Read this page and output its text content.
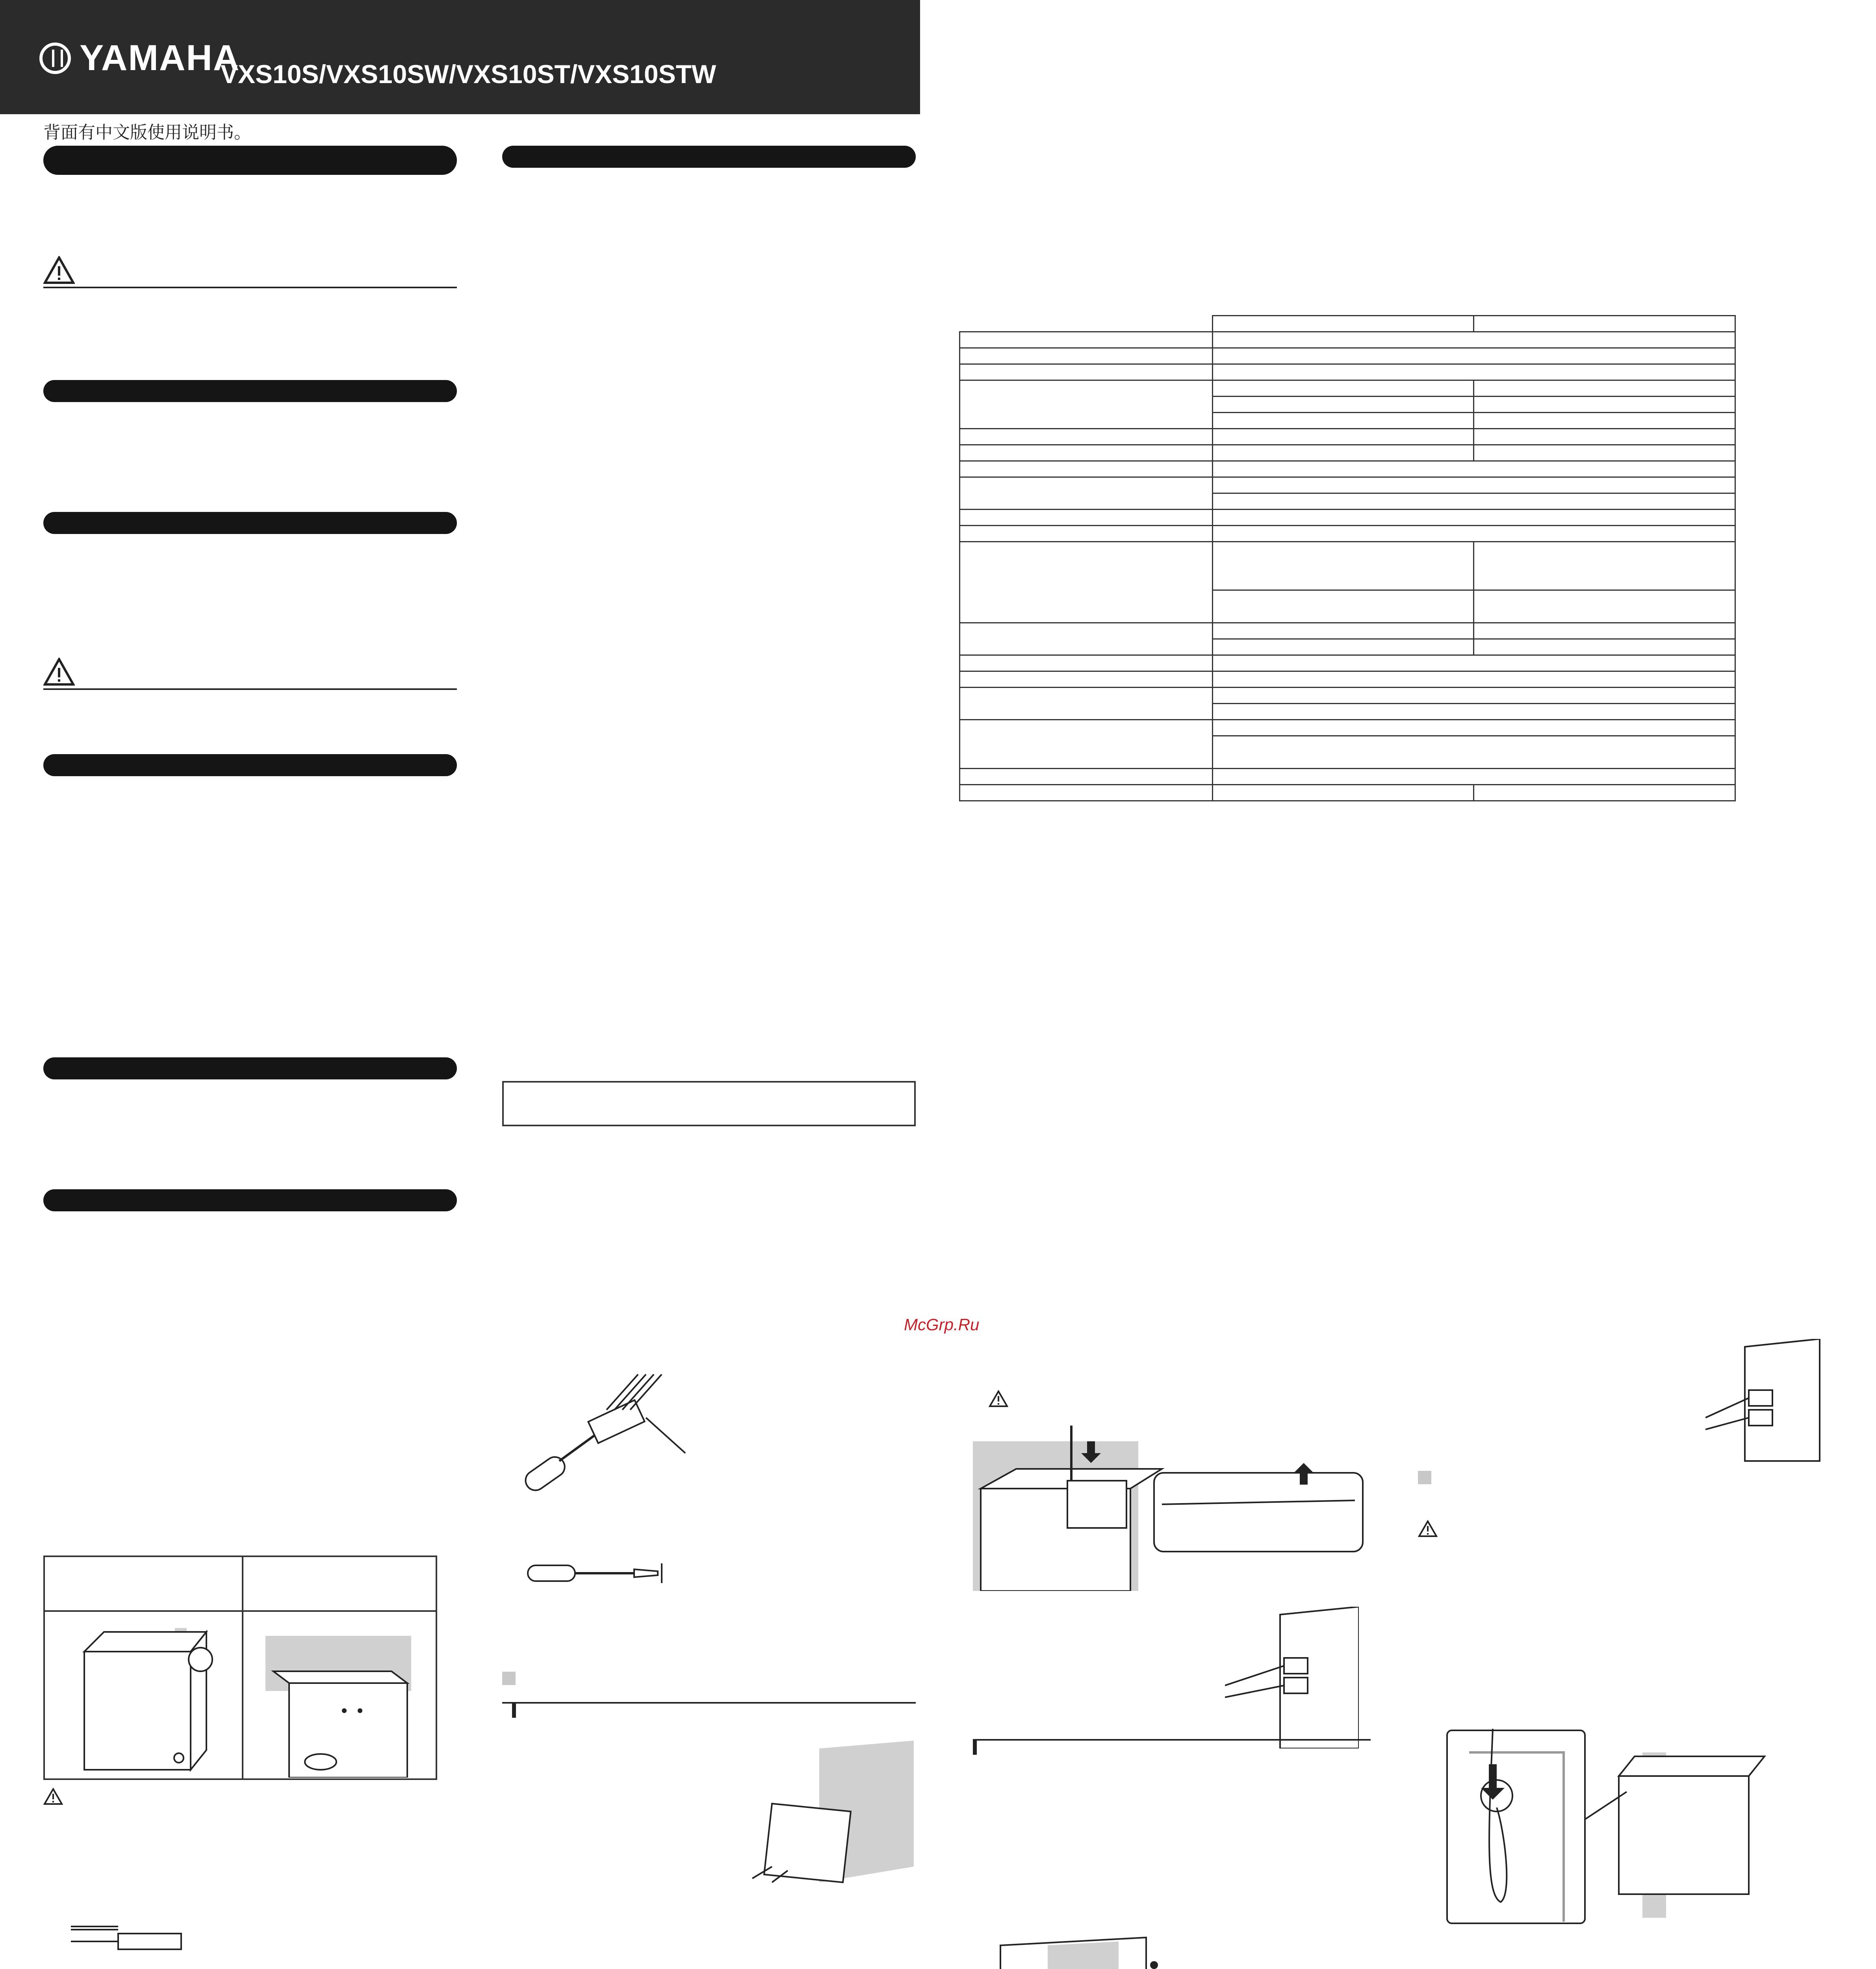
YAMAHA
VXS10S/VXS10SW/VXS10ST/VXS10STW
背面有中文版使用说明书。

McGrp.Ru
